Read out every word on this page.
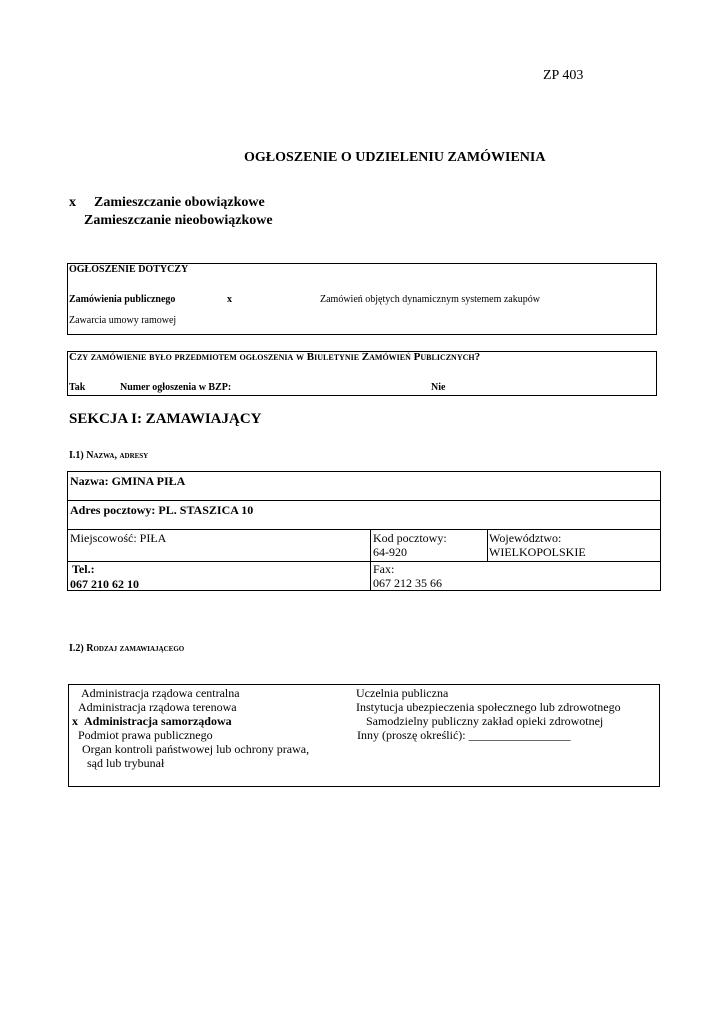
ZP 403
OGŁOSZENIE O UDZIELENIU ZAMÓWIENIA
x Zamieszczanie obowiązkowe
Zamieszczanie nieobowiązkowe
OGŁOSZENIE DOTYCZY
Zamówienia publicznego	x	Zamówień objętych dynamicznym systemem zakupów
Zawarcia umowy ramowej
Czy zamówienie było przedmiotem ogłoszenia w Biuletynie Zamówień Publicznych?
Tak	Numer ogłoszenia w BZP:	Nie
SEKCJA I: ZAMAWIAJĄCY
I.1) Nazwa, adresy
Nazwa: GMINA PIŁA
Adres pocztowy: PL. STASZICA 10
Miejscowość: PIŁA	Kod pocztowy:
64-920
Województwo:
WIELKOPOLSKIE
Tel.:
067 210 62 10
Fax:
067 212 35 66
I.2) Rodzaj zamawiającego
Administracja rządowa centralna
Administracja rządowa terenowa
x Administracja samorządowa
Podmiot prawa publicznego
Organ kontroli państwowej lub ochrony prawa,
sąd lub trybunał
Uczelnia publiczna
Instytucja ubezpieczenia społecznego lub zdrowotnego
Samodzielny publiczny zakład opieki zdrowotnej
Inny (proszę określić): _________________
